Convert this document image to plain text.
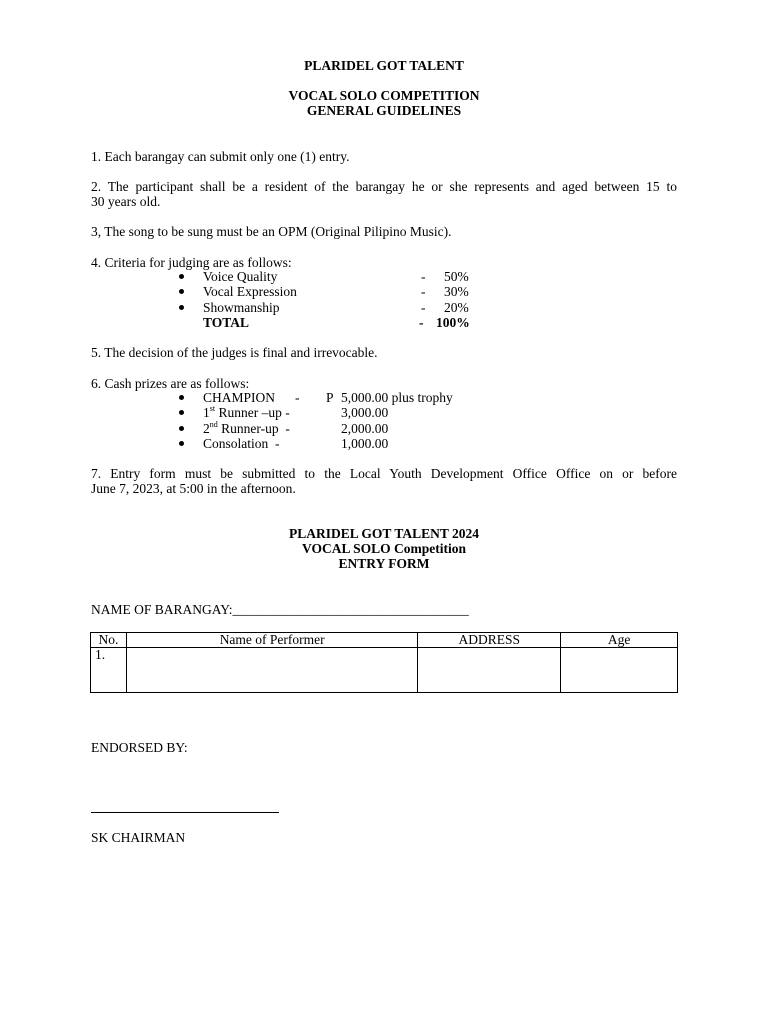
PLARIDEL GOT TALENT
VOCAL SOLO COMPETITION
GENERAL GUIDELINES
1. Each barangay can submit only one (1) entry.
2. The participant shall be a resident of the barangay he or she represents and aged between 15 to
30 years old.
3, The song to be sung must be an OPM (Original Pilipino Music).
4. Criteria for judging are as follows:
Voice Quality	- 50%
Vocal Expression	- 30%
Showmanship	- 20%
TOTAL	- 100%
5. The decision of the judges is final and irrevocable.
6. Cash prizes are as follows:
CHAMPION - P 5,000.00 plus trophy
1st Runner –up -	3,000.00
2nd Runner-up -	2,000.00
Consolation -	1,000.00
7. Entry form must be submitted to the Local Youth Development Office Office on or before
June 7, 2023, at 5:00 in the afternoon.
PLARIDEL GOT TALENT 2024
VOCAL SOLO Competition
ENTRY FORM
NAME OF BARANGAY:___________________________________
No.	Name of Performer	ADDRESS	Age
1.			
ENDORSED BY:
SK CHAIRMAN
